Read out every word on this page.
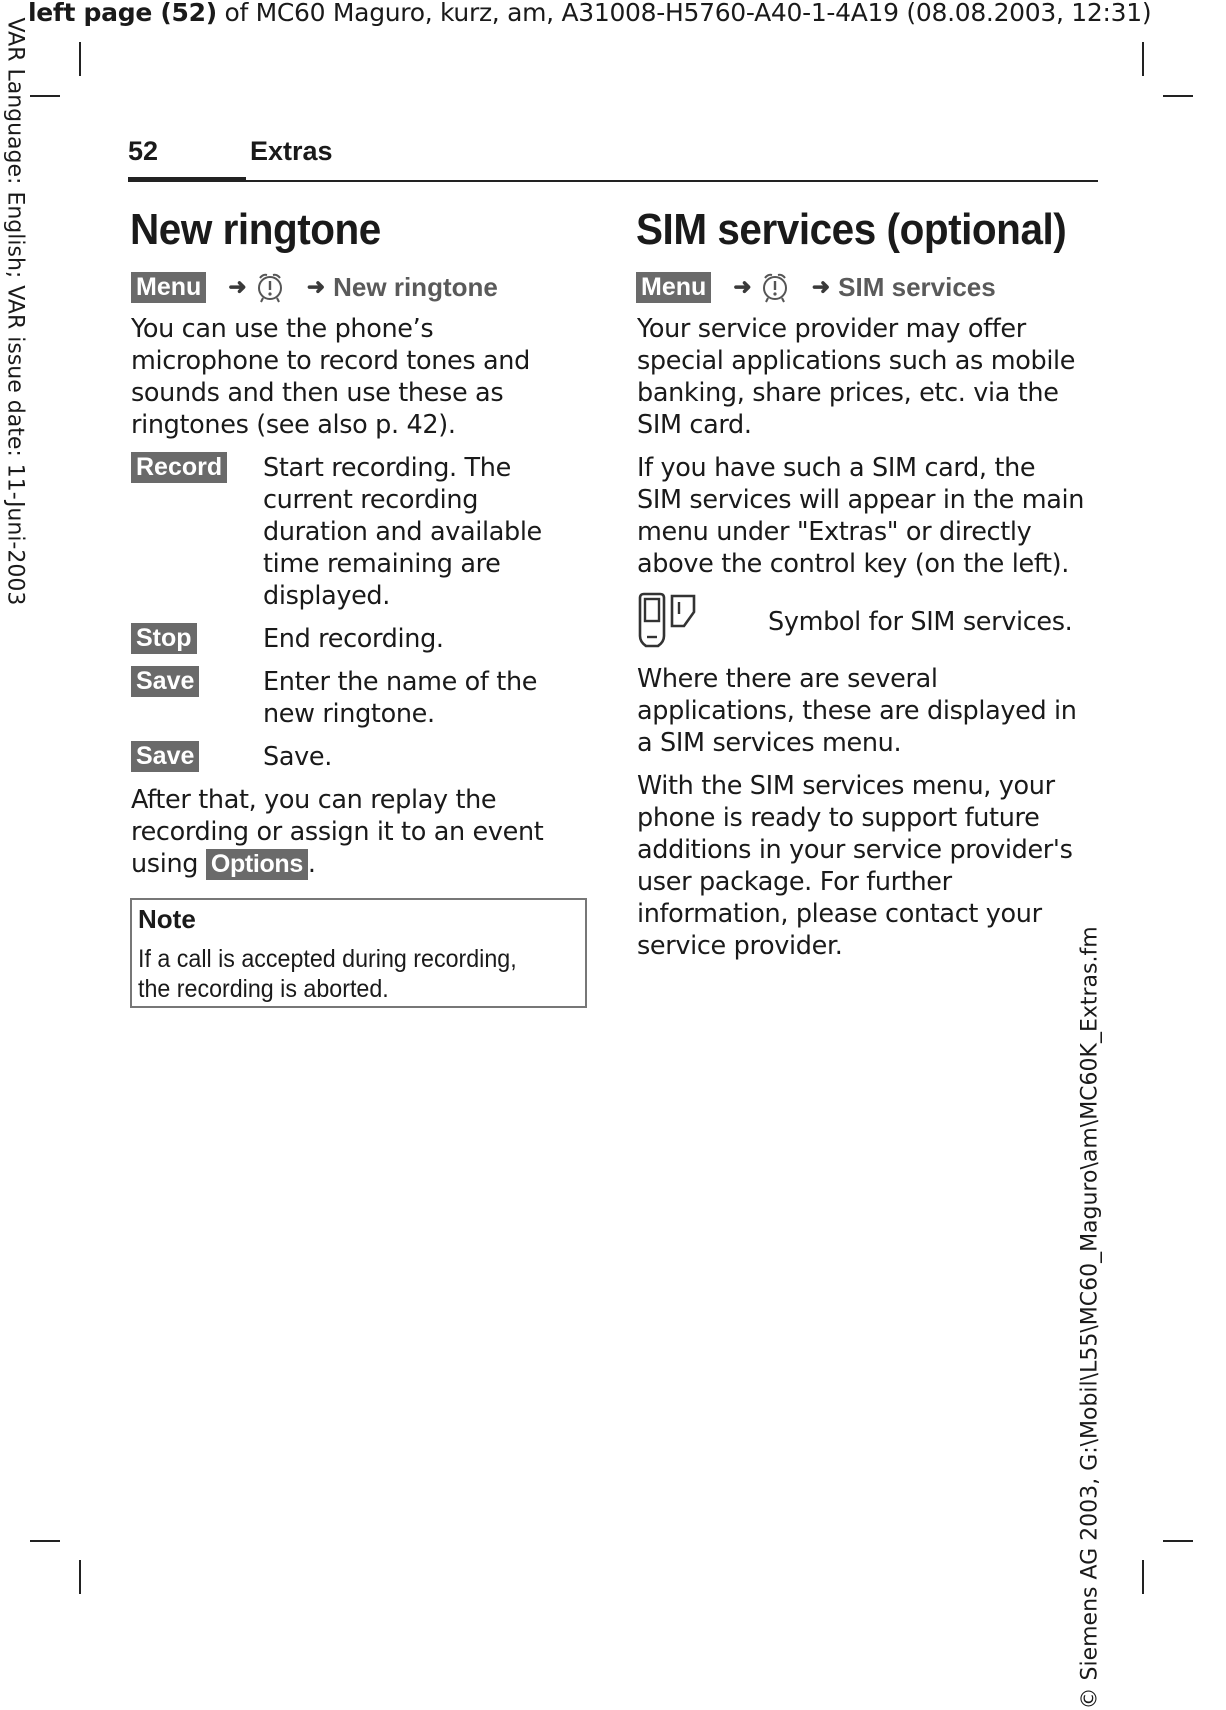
left page (52) of MC60 Maguro, kurz, am, A31008-H5760-A40-1-4A19 (08.08.2003, 12:31)
VAR Language: English; VAR issue date: 11-Juni-2003
© Siemens AG 2003, G:\Mobil\L55\MC60_Maguro\am\MC60K_Extras.fm
52	Extras
New ringtone
Menu ➜	➜ New ringtone
You can use the phone’s microphone to record tones and sounds and then use these as ringtones (see also p. 42).
Record Start recording. The current recording duration and available time remaining are displayed.
Stop	End recording.
Save	Enter the name of the new ringtone.
Save	Save.
After that, you can replay the recording or assign it to an event using Options .
Note
If a call is accepted during recording, the recording is aborted.
SIM services (optional)
Menu ➜	➜ SIM services
Your service provider may offer special applications such as mobile banking, share prices, etc. via the SIM card.
If you have such a SIM card, the SIM services will appear in the main menu under "Extras" or directly above the control key (on the left).
Symbol for SIM services.
Where there are several applications, these are displayed in a SIM services menu.
With the SIM services menu, your phone is ready to support future additions in your service provider's user package. For further information, please contact your service provider.
